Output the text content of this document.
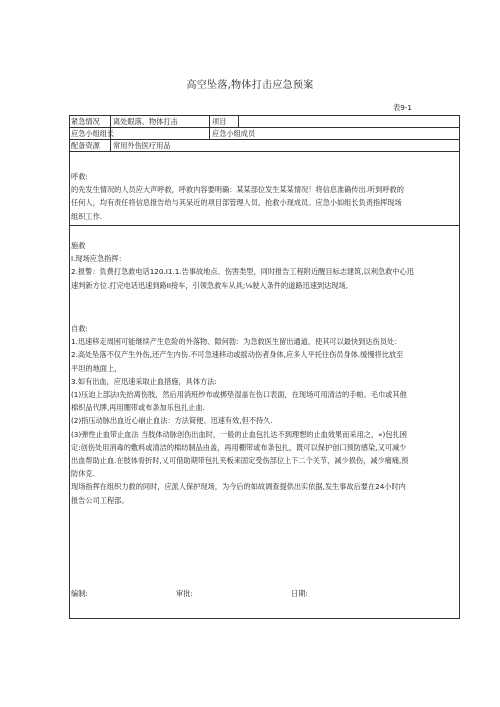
高空坠落,物体打击应急预案
表9-1
紧急情况 离处眼落、物体打击	项目
应急小组组长	应急小组成员
配备资源 常用外伤医疗用品
呼救:
的先发生情况的人员应大声呼救，呼救内容要明确：某某部位发生某某情况！将信息准确传出.听到呼救的
任何人，均有责任将信息报告给与其呆近的项目部管理人员、抢救小现成员。应急小如组长负责指挥现场
组织工作.
施救
I.现场应急指挥：
2.报警：负费打急救电话120.I1.1.告事故地点、伤害类型，同时报告工程附近醒目标志建筑,以利急救中心迅
速判新方位.打完电话迅速到路II接车，引领急救车从具;⅛驶入条件的道路迅速到达现场,
自救:
1.迅速移走周困可能继续产生危险的外落物、隙何勃：为急救医生留出通道，使其可以最快到达伤员处：
2.高处坠落不仅产生外伤,还产生内伤.不可急速移动或摇动伤者身体,应多人平托住伤员身体.缓慢将比放至
平坦的地面上，
3.如有出血，应迅速采取止血措施，具体方法:
(1)压迫上部法I先抬离伤肢，然后用消班纱布或梆垫湿盖在伤口表面，在现场可用清洁的手帕、毛巾或其他
棉织品代牌,再用绷带或布条加乐包扎止血.
(2)指压动脉出血近心崩止血法：方法简便、迅速有效,但不持久.
(3)弹性止血带止血法 当肢体动脉创伤出血时，一般的止血包扎达不到理想的止血效果而采用之，«)包扎困
定:创伤处用消毒的敷料或清洁的棉纺制品由盖，再用棚带或布条包扎，既可以保护创口预防感染,又可减少
出血帮助止血.在肢体骨折时,乂可借助期带包扎夹板来固定受伤部位上下二个关节，减少损伤，减少痛痛,预
防休克.
现场指挥在组织力救的同时，应派人保护现场，为今后的如故调查提供出实依据,发生事故后要在24小时内
报告公司工程部。
编制:	审批:	日期:
